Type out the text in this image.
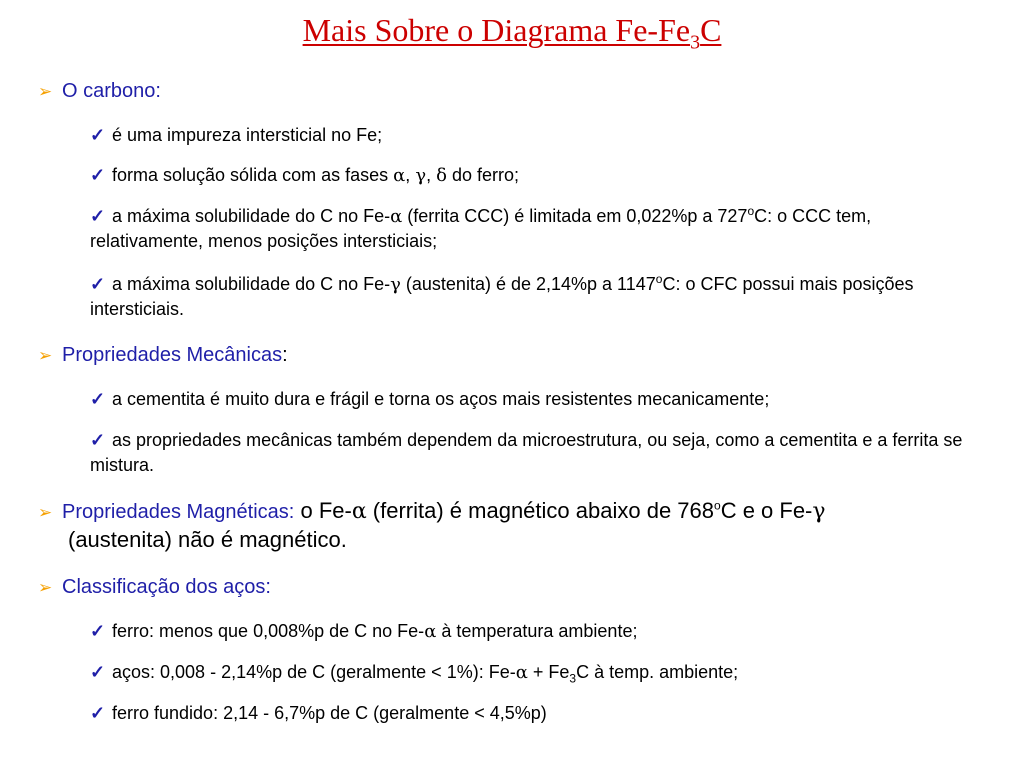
Mais Sobre o Diagrama $Fe-Fe_3C$
➢ O carbono:
✓ é uma impureza intersticial no Fe;
✓ forma solução sólida com as fases α, γ, δ do ferro;
✓ a máxima solubilidade do C no Fe-α (ferrita CCC) é limitada em 0,022%p a 727$^o$C: o CCC tem, relativamente, menos posições intersticiais;
✓ a máxima solubilidade do C no Fe-γ (austenita) é de 2,14%p a 1147$^o$C: o CFC possui mais posições intersticiais.
➢ Propriedades Mecânicas:
✓ a cementita é muito dura e frágil e torna os aços mais resistentes mecanicamente;
✓ as propriedades mecânicas também dependem da microestrutura, ou seja, como a cementita e a ferrita se mistura.
➢ Propriedades Magnéticas: o Fe-α (ferrita) é magnético abaixo de 768$^o$C e o Fe-γ
(austenita) não é magnético.
➢ Classificação dos aços:
✓ ferro: menos que 0,008%p de C no Fe-α à temperatura ambiente;
✓ aços: 0,008 - 2,14%p de C (geralmente < 1%): $Fe-\alpha + Fe_3C$ à temp. ambiente;
✓ ferro fundido: 2,14 - 6,7%p de C (geralmente < 4,5%p)
